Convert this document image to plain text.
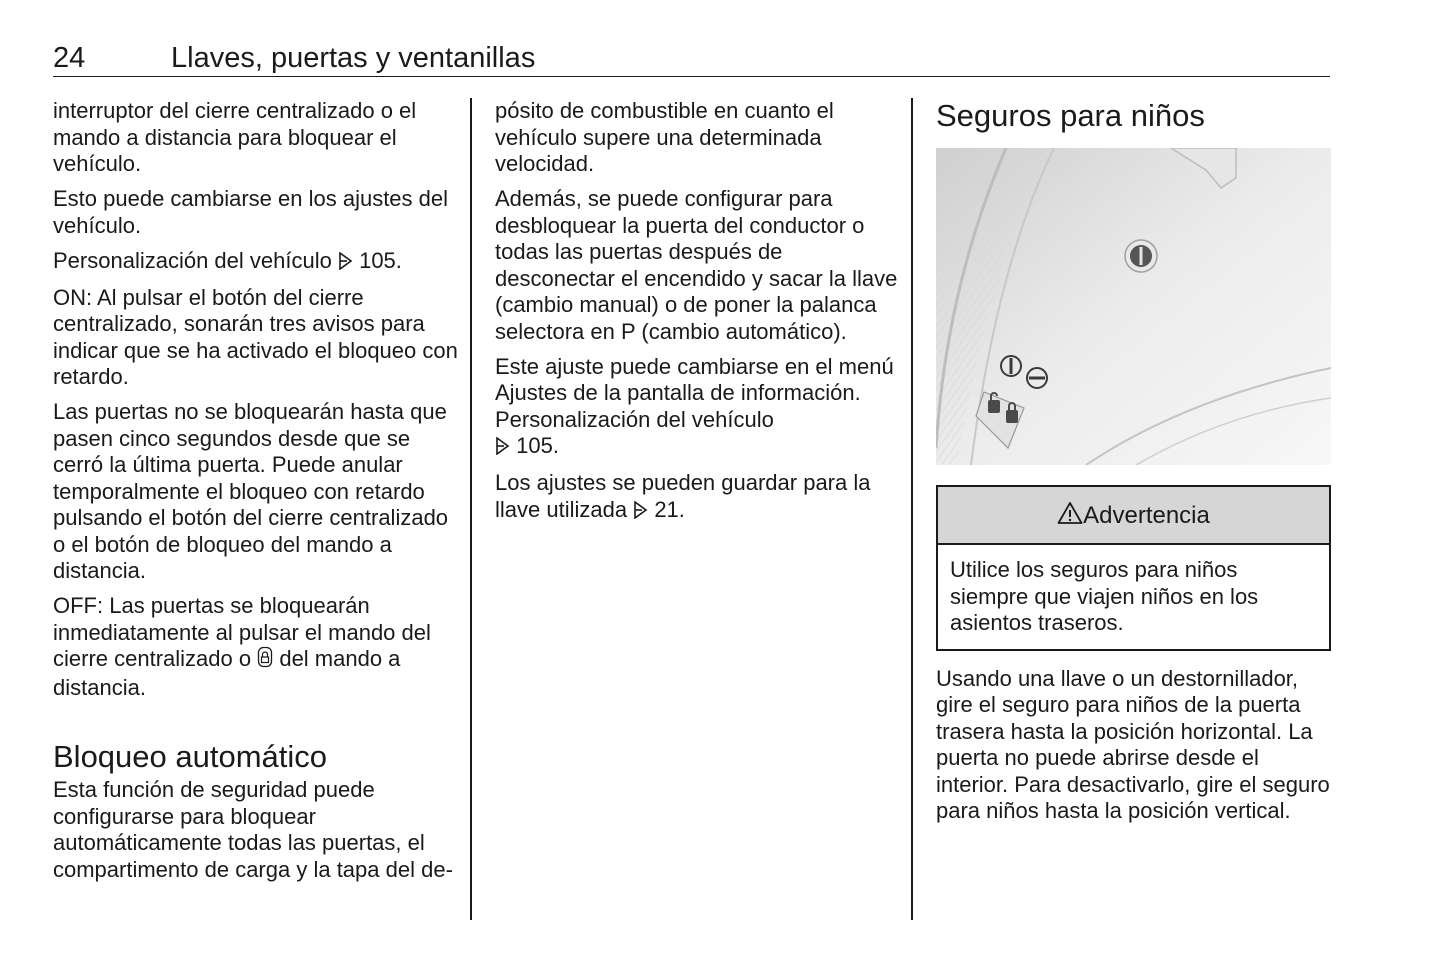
24	Llaves, puertas y ventanillas

interruptor del cierre centralizado o el mando a distancia para bloquear el vehículo.

Esto puede cambiarse en los ajustes del vehículo.

Personalización del vehículo  105.

ON: Al pulsar el botón del cierre centralizado, sonarán tres avisos para indicar que se ha activado el bloqueo con retardo.

Las puertas no se bloquearán hasta que pasen cinco segundos desde que se cerró la última puerta. Puede anular temporalmente el bloqueo con retardo pulsando el botón del cierre centralizado o el botón de bloqueo del mando a distancia.

OFF: Las puertas se bloquearán inmediatamente al pulsar el mando del cierre centralizado o  del mando a distancia.

Bloqueo automático

Esta función de seguridad puede configurarse para bloquear automáticamente todas las puertas, el compartimento de carga y la tapa del de-

pósito de combustible en cuanto el vehículo supere una determinada velocidad.

Además, se puede configurar para desbloquear la puerta del conductor o todas las puertas después de desconectar el encendido y sacar la llave (cambio manual) o de poner la palanca selectora en P (cambio automático).

Este ajuste puede cambiarse en el menú Ajustes de la pantalla de información. Personalización del vehículo
105.

Los ajustes se pueden guardar para la llave utilizada  21.

Seguros para niños
Advertencia
Utilice los seguros para niños siempre que viajen niños en los asientos traseros.

Usando una llave o un destornillador, gire el seguro para niños de la puerta trasera hasta la posición horizontal. La puerta no puede abrirse desde el interior. Para desactivarlo, gire el seguro para niños hasta la posición vertical.
